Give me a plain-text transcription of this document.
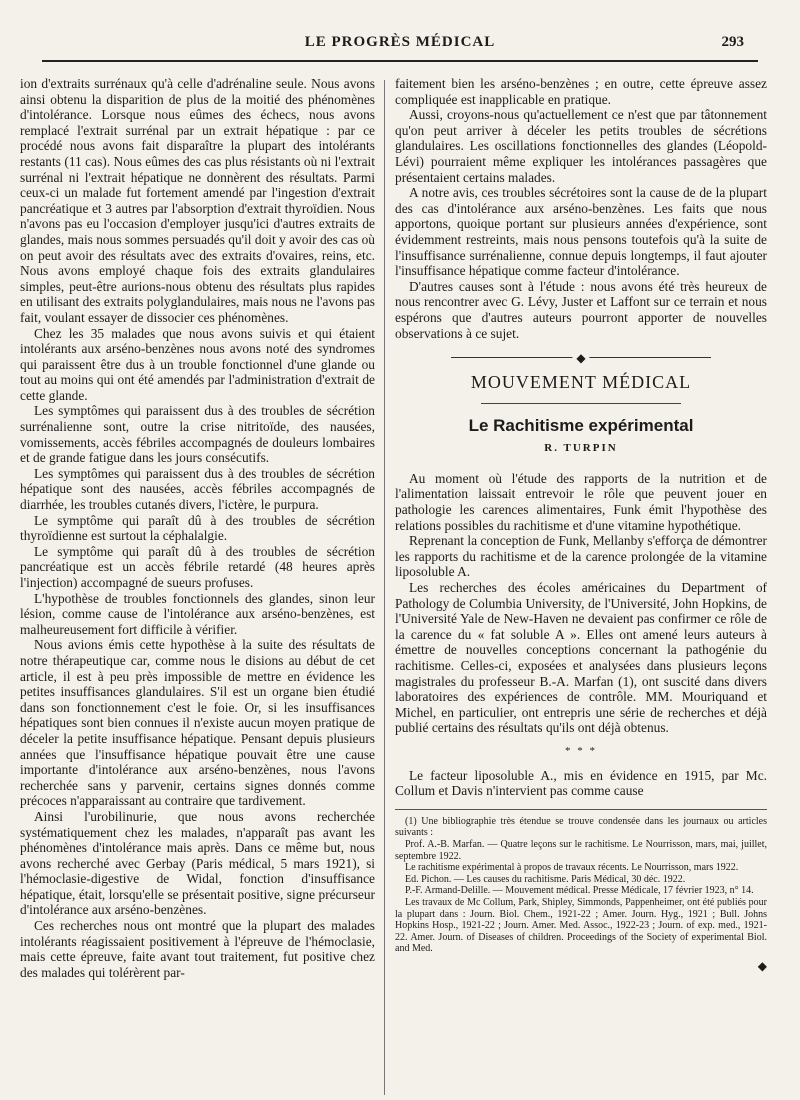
LE PROGRÈS MÉDICAL	293

ion d'extraits surrénaux qu'à celle d'adrénaline seule. Nous avons ainsi obtenu la disparition de plus de la moitié des phénomènes d'intolérance. Lorsque nous eûmes des échecs, nous avons remplacé l'extrait surrénal par un extrait hépatique : par ce procédé nous avons fait disparaître la plupart des intolérants restants (11 cas). Nous eûmes des cas plus résistants où ni l'extrait surrénal ni l'extrait hépatique ne donnèrent des résultats. Parmi ceux-ci un malade fut fortement amendé par l'ingestion d'extrait pancréatique et 3 autres par l'absorption d'extrait thyroïdien. Nous n'avons pas eu l'occasion d'employer jusqu'ici d'autres extraits de glandes, mais nous sommes persuadés qu'il doit y avoir des cas où on peut avoir des résultats avec des extraits d'ovaires, reins, etc. Nous avons employé chaque fois des extraits glandulaires simples, peut-être aurions-nous obtenu des résultats plus rapides en utilisant des extraits polyglandulaires, mais nous ne l'avons pas fait, voulant essayer de dissocier ces phénomènes.

Chez les 35 malades que nous avons suivis et qui étaient intolérants aux arséno-benzènes nous avons noté des syndromes qui paraissent être dus à un trouble fonctionnel d'une glande ou tout au moins qui ont été amendés par l'administration d'extrait de cette glande.

Les symptômes qui paraissent dus à des troubles de sécrétion surrénalienne sont, outre la crise nitritoïde, des nausées, vomissements, accès fébriles accompagnés de douleurs lombaires et de grande fatigue dans les jours consécutifs.

Les symptômes qui paraissent dus à des troubles de sécrétion hépatique sont des nausées, accès fébriles accompagnés de diarrhée, les troubles cutanés divers, l'ictère, le purpura.

Le symptôme qui paraît dû à des troubles de sécrétion thyroïdienne est surtout la céphalalgie.

Le symptôme qui paraît dû à des troubles de sécrétion pancréatique est un accès fébrile retardé (48 heures après l'injection) accompagné de sueurs profuses.

L'hypothèse de troubles fonctionnels des glandes, sinon leur lésion, comme cause de l'intolérance aux arséno-benzènes, est malheureusement fort difficile à vérifier.

Nous avions émis cette hypothèse à la suite des résultats de notre thérapeutique car, comme nous le disions au début de cet article, il est à peu près impossible de mettre en évidence les petites insuffisances glandulaires. S'il est un organe bien étudié dans son fonctionnement c'est le foie. Or, si les insuffisances hépatiques sont bien connues il n'existe aucun moyen pratique de déceler la petite insuffisance hépatique. Pensant depuis plusieurs années que l'insuffisance hépatique pouvait être une cause importante d'intolérance aux arséno-benzènes, nous l'avons recherchée sans y parvenir, certains signes donnés comme précoces n'apparaissant au contraire que tardivement.

Ainsi l'urobilinurie, que nous avons recherchée systématiquement chez les malades, n'apparaît pas avant les phénomènes d'intolérance mais après. Dans ce même but, nous avons recherché avec Gerbay (Paris médical, 5 mars 1921), si l'hémoclasie-digestive de Widal, fonction d'insuffisance hépatique, était, lorsqu'elle se présentait positive, signe précurseur d'intolérance aux arséno-benzènes.

Ces recherches nous ont montré que la plupart des malades intolérants réagissaient positivement à l'épreuve de l'hémoclasie, mais cette épreuve, faite avant tout traitement, fut positive chez des malades qui tolérèrent par-

faitement bien les arséno-benzènes ; en outre, cette épreuve assez compliquée est inapplicable en pratique.

Aussi, croyons-nous qu'actuellement ce n'est que par tâtonnement qu'on peut arriver à déceler les petits troubles de sécrétions glandulaires. Les oscillations fonctionnelles des glandes (Léopold-Lévi) pourraient même expliquer les intolérances passagères que présentaient certains malades.

A notre avis, ces troubles sécrétoires sont la cause de de la plupart des cas d'intolérance aux arséno-benzènes. Les faits que nous apportons, quoique portant sur plusieurs années d'expérience, sont évidemment restreints, mais nous pensons toutefois qu'à la suite de l'insuffisance surrénalienne, connue depuis longtemps, il faut ajouter l'insuffisance hépatique comme facteur d'intolérance.

D'autres causes sont à l'étude : nous avons été très heureux de nous rencontrer avec G. Lévy, Juster et Laffont sur ce terrain et nous espérons que d'autres auteurs pourront apporter de nouvelles observations à ce sujet.

◆
MOUVEMENT MÉDICAL
Le Rachitisme expérimental
R. TURPIN

Au moment où l'étude des rapports de la nutrition et de l'alimentation laissait entrevoir le rôle que peuvent jouer en pathologie les carences alimentaires, Funk émit l'hypothèse des relations possibles du rachitisme et d'une vitamine hypothétique.

Reprenant la conception de Funk, Mellanby s'efforça de démontrer les rapports du rachitisme et de la carence prolongée de la vitamine liposoluble A.

Les recherches des écoles américaines du Department of Pathology de Columbia University, de l'Université, John Hopkins, de l'Université Yale de New-Haven ne devaient pas confirmer ce rôle de la carence du « fat soluble A ». Elles ont amené leurs auteurs à émettre de nouvelles conceptions concernant la pathogénie du rachitisme. Celles-ci, exposées et analysées dans plusieurs leçons magistrales du professeur B.-A. Marfan (1), ont suscité dans divers laboratoires des expériences de contrôle. MM. Mouriquand et Michel, en particulier, ont entrepris une série de recherches et déjà publié certains des résultats qu'ils ont déjà obtenus.

* * *

Le facteur liposoluble A., mis en évidence en 1915, par Mc. Collum et Davis n'intervient pas comme cause

(1) Une bibliographie très étendue se trouve condensée dans les journaux ou articles suivants :

Prof. A.-B. Marfan. — Quatre leçons sur le rachitisme. Le Nourrisson, mars, mai, juillet, septembre 1922.

Le rachitisme expérimental à propos de travaux récents. Le Nourrisson, mars 1922.

Ed. Pichon. — Les causes du rachitisme. Paris Médical, 30 déc. 1922.

P.-F. Armand-Delille. — Mouvement médical. Presse Médicale, 17 février 1923, n° 14.

Les travaux de Mc Collum, Park, Shipley, Simmonds, Pappenheimer, ont été publiés pour la plupart dans : Journ. Biol. Chem., 1921-22 ; Amer. Journ. Hyg., 1921 ; Bull. Johns Hopkins Hosp., 1921-22 ; Journ. Amer. Med. Assoc., 1922-23 ; Journ. of exp. med., 1921-22. Amer. Journ. of Diseases of children. Proceedings of the Society of experimental Biol. and Med.

◆
